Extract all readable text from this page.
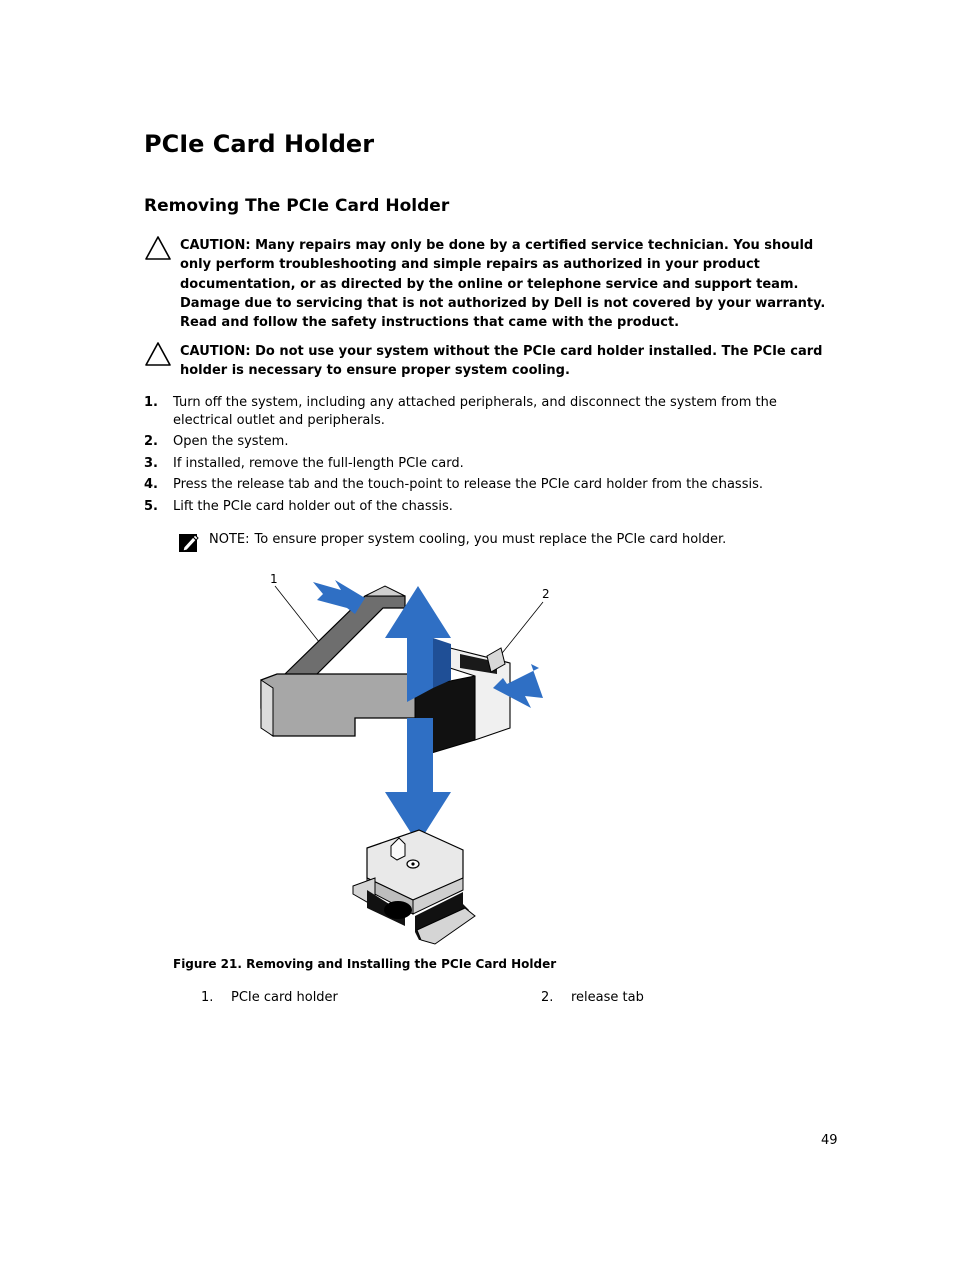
PCIe Card Holder
Removing The PCIe Card Holder
CAUTION: Many repairs may only be done by a certified service technician. You should only perform troubleshooting and simple repairs as authorized in your product documentation, or as directed by the online or telephone service and support team. Damage due to servicing that is not authorized by Dell is not covered by your warranty. Read and follow the safety instructions that came with the product.
CAUTION: Do not use your system without the PCIe card holder installed. The PCIe card holder is necessary to ensure proper system cooling.
1.	Turn off the system, including any attached peripherals, and disconnect the system from the electrical outlet and peripherals.
2.	Open the system.
3.	If installed, remove the full-length PCIe card.
4.	Press the release tab and the touch-point to release the PCIe card holder from the chassis.
5.	Lift the PCIe card holder out of the chassis.
NOTE: To ensure proper system cooling, you must replace the PCIe card holder.
1
2
Figure 21. Removing and Installing the PCIe Card Holder
1.	PCIe card holder	2.	release tab
49
